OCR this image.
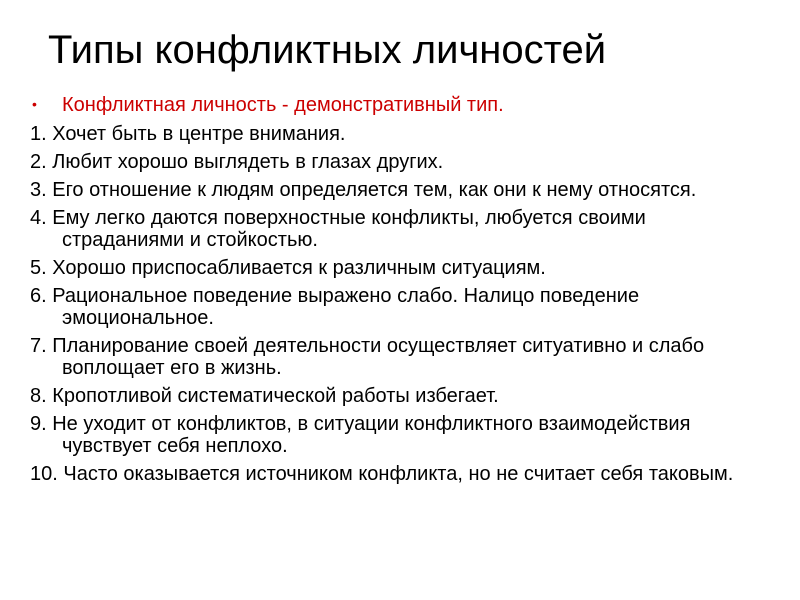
Типы конфликтных личностей
• Конфликтная личность - демонстративный тип.
1. Хочет быть в центре внимания.
2. Любит хорошо выглядеть в глазах других.
3. Его отношение к людям определяется тем, как они к нему относятся.
4. Ему легко даются поверхностные конфликты, любуется своими страданиями и стойкостью.
5. Хорошо приспосабливается к различным ситуациям.
6. Рациональное поведение выражено слабо. Налицо поведение эмоциональное.
7. Планирование своей деятельности осуществляет ситуативно и слабо воплощает его в жизнь.
8. Кропотливой систематической работы избегает.
9. Не уходит от конфликтов, в ситуации конфликтного взаимодействия чувствует себя неплохо.
10. Часто оказывается источником конфликта, но не считает себя таковым.
